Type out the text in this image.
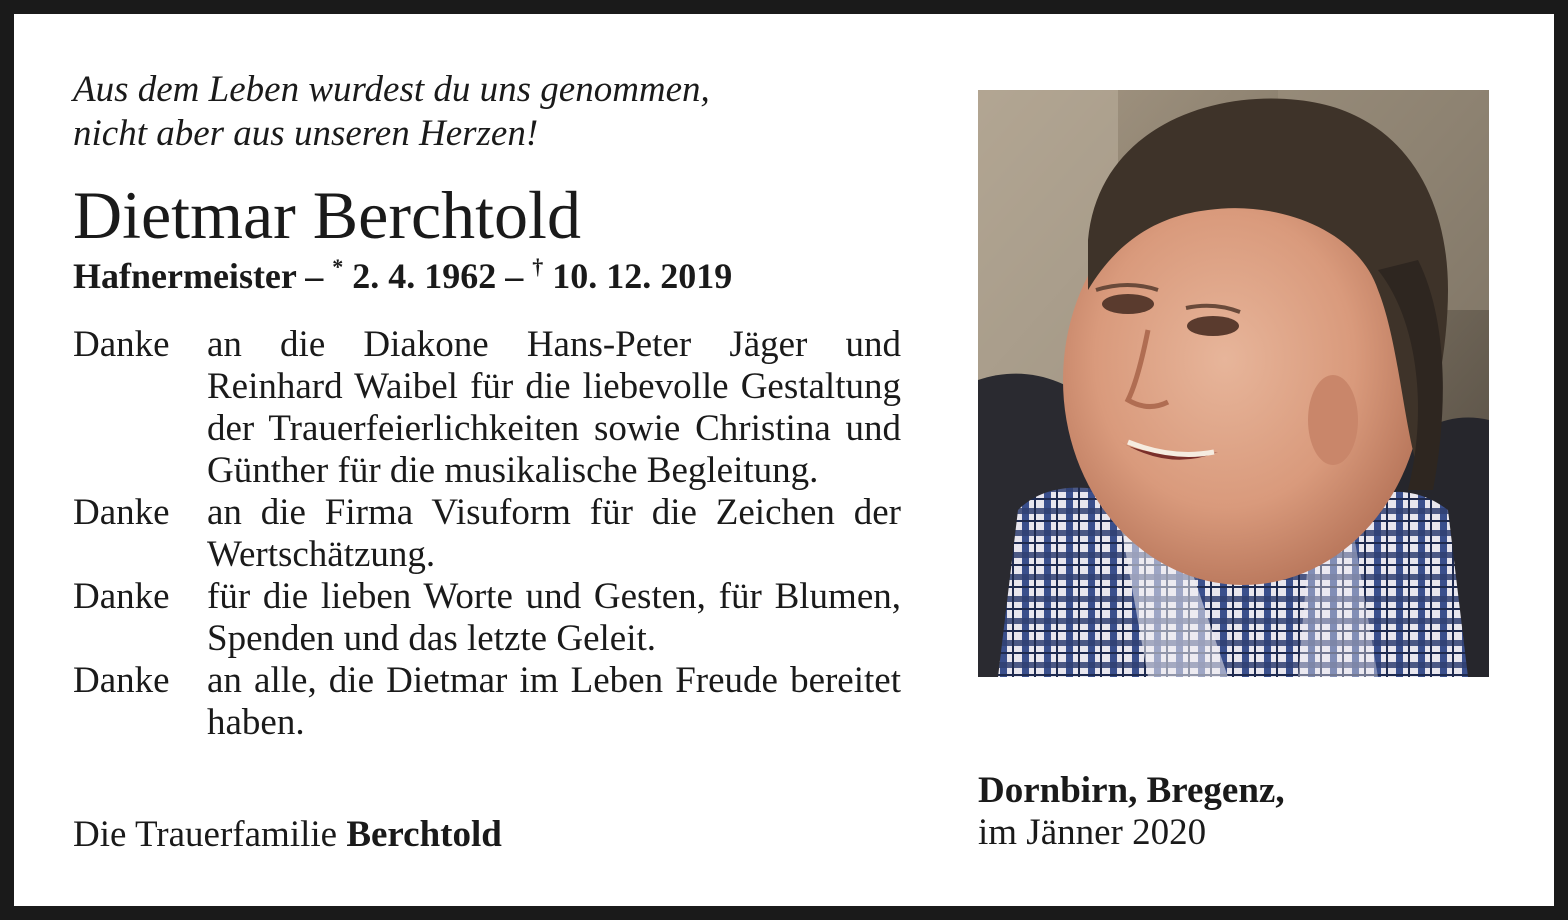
Aus dem Leben wurdest du uns genommen,
nicht aber aus unseren Herzen!
Dietmar Berchtold
Hafnermeister – * 2. 4. 1962 – † 10. 12. 2019
Danke	an die Diakone Hans-Peter Jäger und Reinhard Waibel für die liebevolle Gestaltung der Trauerfeierlichkeiten sowie Christina und Günther für die musikalische Begleitung.
Danke	an die Firma Visuform für die Zeichen der Wertschätzung.
Danke	für die lieben Worte und Gesten, für Blumen, Spenden und das letzte Geleit.
Danke	an alle, die Dietmar im Leben Freude bereitet haben.
Die Trauerfamilie Berchtold
Dornbirn, Bregenz,
im Jänner 2020
